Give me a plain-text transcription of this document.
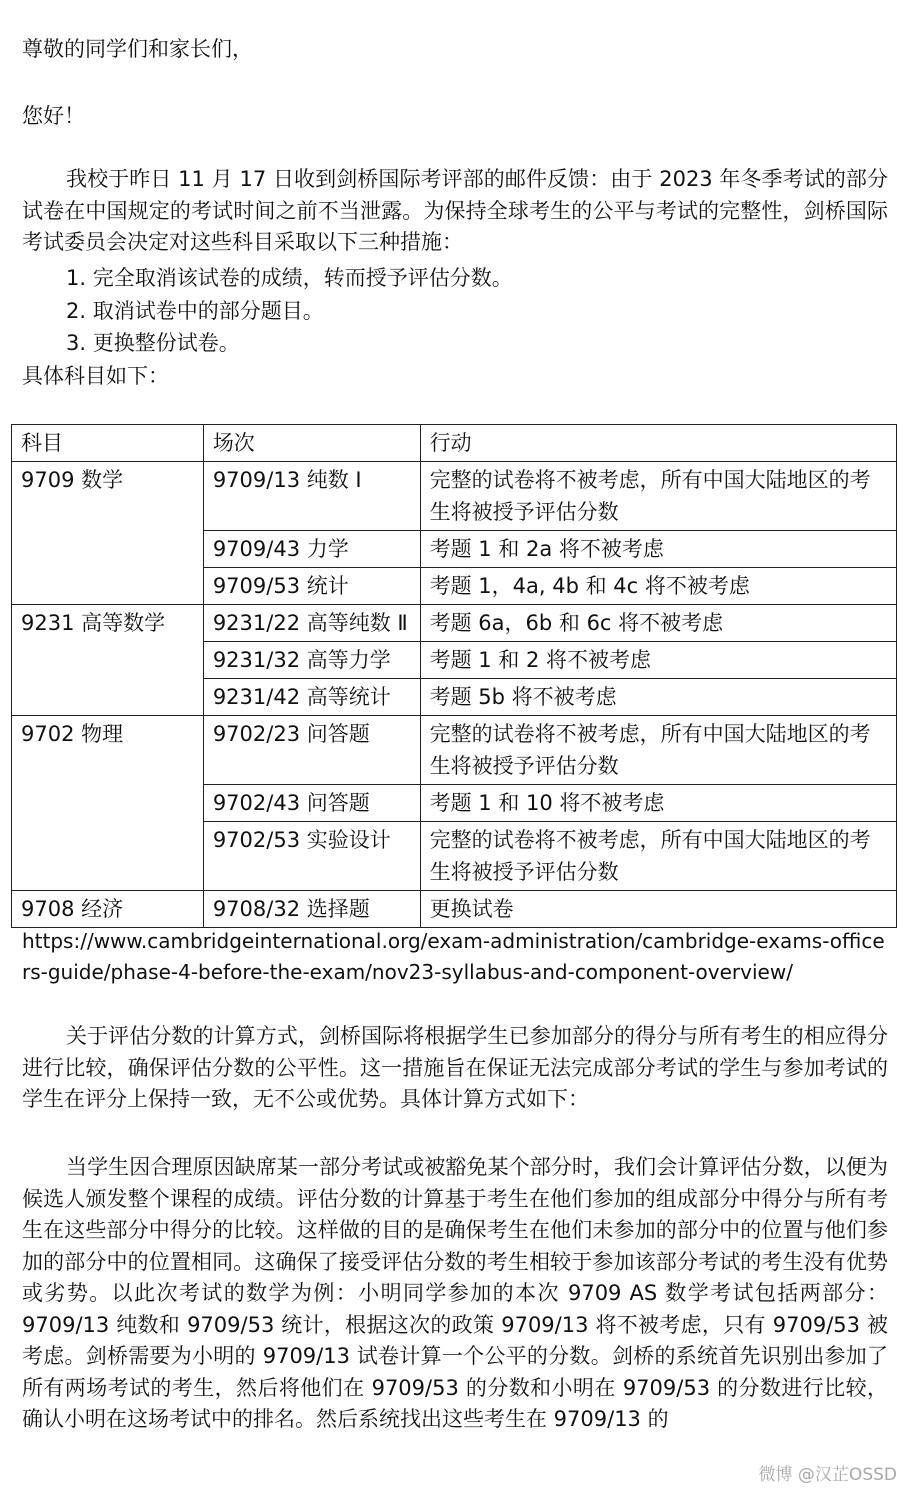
尊敬的同学们和家长们，
您好！
我校于昨日 11 月 17 日收到剑桥国际考评部的邮件反馈：由于 2023 年冬季考试的部分试卷在中国规定的考试时间之前不当泄露。为保持全球考生的公平与考试的完整性，剑桥国际考试委员会决定对这些科目采取以下三种措施：
1. 完全取消该试卷的成绩，转而授予评估分数。
2. 取消试卷中的部分题目。
3. 更换整份试卷。
具体科目如下：
科目	场次	行动
9709 数学	9709/13 纯数 Ⅰ	完整的试卷将不被考虑，所有中国大陆地区的考生将被授予评估分数
	9709/43 力学	考题 1 和 2a 将不被考虑
	9709/53 统计	考题 1，4a, 4b 和 4c 将不被考虑
9231 高等数学	9231/22 高等纯数 Ⅱ	考题 6a，6b 和 6c 将不被考虑
	9231/32 高等力学	考题 1 和 2 将不被考虑
	9231/42 高等统计	考题 5b 将不被考虑
9702 物理	9702/23 问答题	完整的试卷将不被考虑，所有中国大陆地区的考生将被授予评估分数
	9702/43 问答题	考题 1 和 10 将不被考虑
	9702/53 实验设计	完整的试卷将不被考虑，所有中国大陆地区的考生将被授予评估分数
9708 经济	9708/32 选择题	更换试卷
https://www.cambridgeinternational.org/exam-administration/cambridge-exams-officers-guide/phase-4-before-the-exam/nov23-syllabus-and-component-overview/
关于评估分数的计算方式，剑桥国际将根据学生已参加部分的得分与所有考生的相应得分进行比较，确保评估分数的公平性。这一措施旨在保证无法完成部分考试的学生与参加考试的学生在评分上保持一致，无不公或优势。具体计算方式如下：
当学生因合理原因缺席某一部分考试或被豁免某个部分时，我们会计算评估分数，以便为候选人颁发整个课程的成绩。评估分数的计算基于考生在他们参加的组成部分中得分与所有考生在这些部分中得分的比较。这样做的目的是确保考生在他们未参加的部分中的位置与他们参加的部分中的位置相同。这确保了接受评估分数的考生相较于参加该部分考试的考生没有优势或劣势。以此次考试的数学为例：小明同学参加的本次 9709 AS 数学考试包括两部分：9709/13 纯数和 9709/53 统计，根据这次的政策 9709/13 将不被考虑，只有 9709/53 被考虑。剑桥需要为小明的 9709/13 试卷计算一个公平的分数。剑桥的系统首先识别出参加了所有两场考试的考生，然后将他们在 9709/53 的分数和小明在 9709/53 的分数进行比较，确认小明在这场考试中的排名。然后系统找出这些考生在 9709/13 的
微博 @汉芷OSSD
